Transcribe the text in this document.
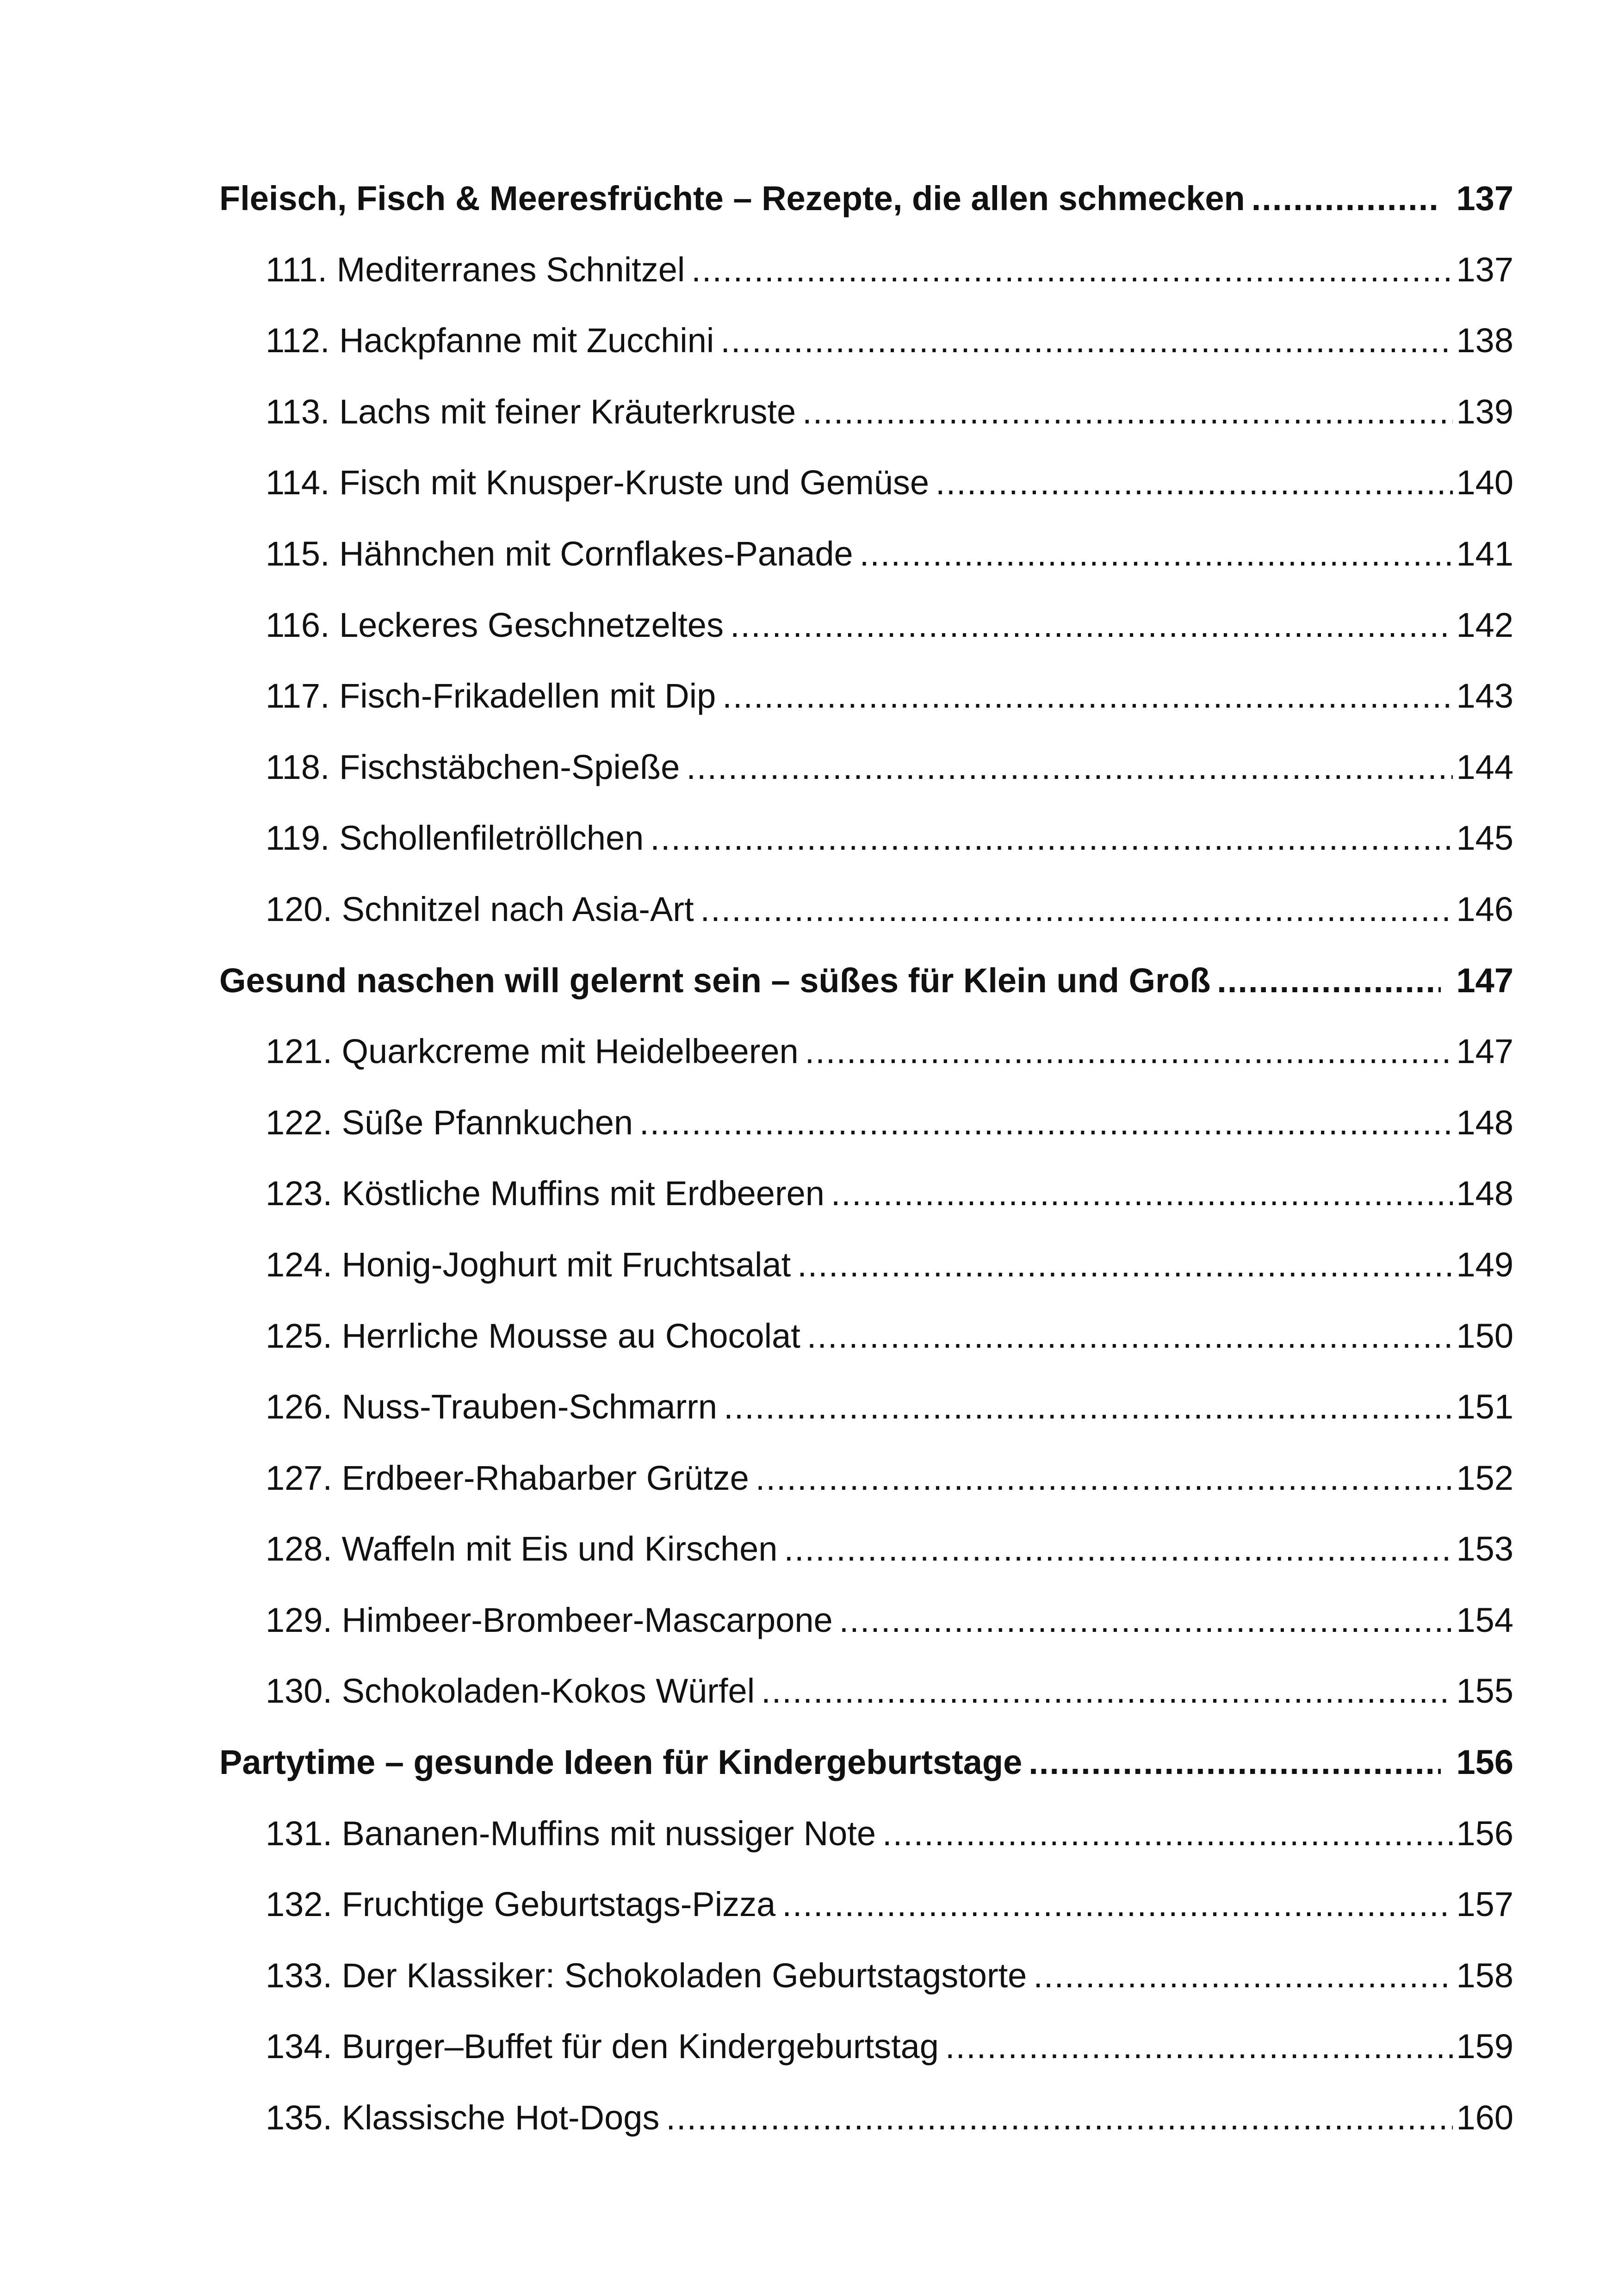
Fleisch, Fisch & Meeresfrüchte – Rezepte, die allen schmecken .....	137
111. Mediterranes Schnitzel .....	137
112. Hackpfanne mit Zucchini .....	138
113. Lachs mit feiner Kräuterkruste .....	139
114. Fisch mit Knusper-Kruste und Gemüse .....	140
115. Hähnchen mit Cornflakes-Panade .....	141
116. Leckeres Geschnetzeltes .....	142
117. Fisch-Frikadellen mit Dip .....	143
118. Fischstäbchen-Spieße .....	144
119. Schollenfiletröllchen .....	145
120. Schnitzel nach Asia-Art .....	146
Gesund naschen will gelernt sein – süßes für Klein und Groß .....	147
121. Quarkcreme mit Heidelbeeren .....	147
122. Süße Pfannkuchen .....	148
123. Köstliche Muffins mit Erdbeeren .....	148
124. Honig-Joghurt mit Fruchtsalat .....	149
125. Herrliche Mousse au Chocolat .....	150
126. Nuss-Trauben-Schmarrn .....	151
127. Erdbeer-Rhabarber Grütze .....	152
128. Waffeln mit Eis und Kirschen .....	153
129. Himbeer-Brombeer-Mascarpone .....	154
130. Schokoladen-Kokos Würfel .....	155
Partytime – gesunde Ideen für Kindergeburtstage .....	156
131. Bananen-Muffins mit nussiger Note .....	156
132. Fruchtige Geburtstags-Pizza .....	157
133. Der Klassiker: Schokoladen Geburtstagstorte .....	158
134. Burger–Buffet für den Kindergeburtstag .....	159
135. Klassische Hot-Dogs .....	160
